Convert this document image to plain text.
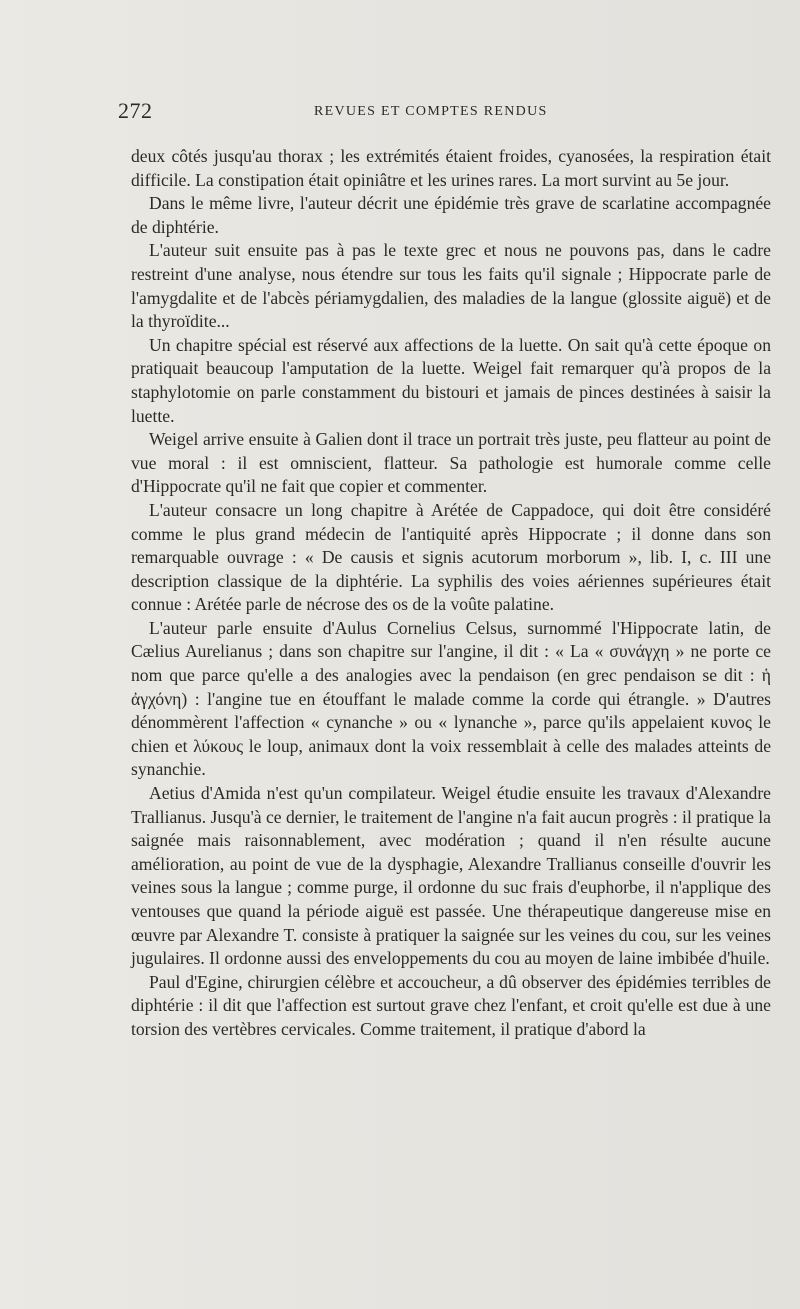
272	REVUES ET COMPTES RENDUS

deux côtés jusqu'au thorax ; les extrémités étaient froides, cyanosées, la respiration était difficile. La constipation était opiniâtre et les urines rares. La mort survint au 5e jour.

Dans le même livre, l'auteur décrit une épidémie très grave de scarlatine accompagnée de diphtérie.

L'auteur suit ensuite pas à pas le texte grec et nous ne pouvons pas, dans le cadre restreint d'une analyse, nous étendre sur tous les faits qu'il signale ; Hippocrate parle de l'amygdalite et de l'abcès périamygdalien, des maladies de la langue (glossite aiguë) et de la thyroïdite...

Un chapitre spécial est réservé aux affections de la luette. On sait qu'à cette époque on pratiquait beaucoup l'amputation de la luette. Weigel fait remarquer qu'à propos de la staphylotomie on parle constamment du bistouri et jamais de pinces destinées à saisir la luette.

Weigel arrive ensuite à Galien dont il trace un portrait très juste, peu flatteur au point de vue moral : il est omniscient, flatteur. Sa pathologie est humorale comme celle d'Hippocrate qu'il ne fait que copier et commenter.

L'auteur consacre un long chapitre à Arétée de Cappadoce, qui doit être considéré comme le plus grand médecin de l'antiquité après Hippocrate ; il donne dans son remarquable ouvrage : « De causis et signis acutorum morborum », lib. I, c. III une description classique de la diphtérie. La syphilis des voies aériennes supérieures était connue : Arétée parle de nécrose des os de la voûte palatine.

L'auteur parle ensuite d'Aulus Cornelius Celsus, surnommé l'Hippocrate latin, de Cælius Aurelianus ; dans son chapitre sur l'angine, il dit : « La « συνάγχη » ne porte ce nom que parce qu'elle a des analogies avec la pendaison (en grec pendaison se dit : ἡ ἀγχόνη) : l'angine tue en étouffant le malade comme la corde qui étrangle. » D'autres dénommèrent l'affection « cynanche » ou « lynanche », parce qu'ils appelaient κυνος le chien et λύκους le loup, animaux dont la voix ressemblait à celle des malades atteints de synanchie.

Aetius d'Amida n'est qu'un compilateur. Weigel étudie ensuite les travaux d'Alexandre Trallianus. Jusqu'à ce dernier, le traitement de l'angine n'a fait aucun progrès : il pratique la saignée mais raisonnablement, avec modération ; quand il n'en résulte aucune amélioration, au point de vue de la dysphagie, Alexandre Trallianus conseille d'ouvrir les veines sous la langue ; comme purge, il ordonne du suc frais d'euphorbe, il n'applique des ventouses que quand la période aiguë est passée. Une thérapeutique dangereuse mise en œuvre par Alexandre T. consiste à pratiquer la saignée sur les veines du cou, sur les veines jugulaires. Il ordonne aussi des enveloppements du cou au moyen de laine imbibée d'huile.

Paul d'Egine, chirurgien célèbre et accoucheur, a dû observer des épidémies terribles de diphtérie : il dit que l'affection est surtout grave chez l'enfant, et croit qu'elle est due à une torsion des vertèbres cervicales. Comme traitement, il pratique d'abord la
